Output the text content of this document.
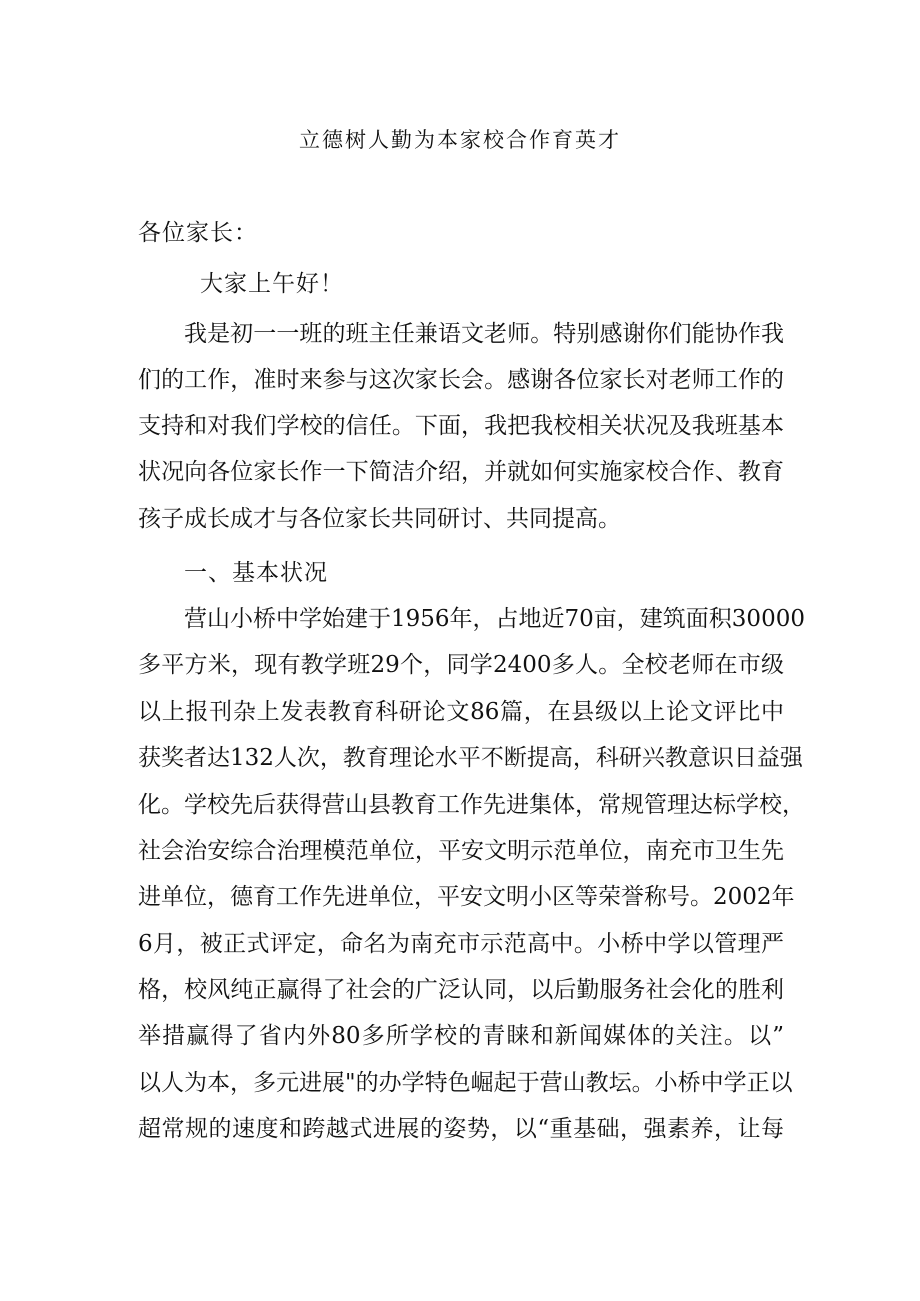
立德树人勤为本家校合作育英才
各位家长：
大家上午好！
我是初一一班的班主任兼语文老师。特别感谢你们能协作我
们的工作，准时来参与这次家长会。感谢各位家长对老师工作的
支持和对我们学校的信任。下面，我把我校相关状况及我班基本
状况向各位家长作一下简洁介绍，并就如何实施家校合作、教育
孩子成长成才与各位家长共同研讨、共同提高。
一、基本状况
营山小桥中学始建于1956年，占地近70亩，建筑面积30000
多平方米，现有教学班29个，同学2400多人。全校老师在市级
以上报刊杂上发表教育科研论文86篇，在县级以上论文评比中
获奖者达132人次，教育理论水平不断提高，科研兴教意识日益强
化。学校先后获得营山县教育工作先进集体，常规管理达标学校，
社会治安综合治理模范单位，平安文明示范单位，南充市卫生先
进单位，德育工作先进单位，平安文明小区等荣誉称号。2002年
6月，被正式评定，命名为南充市示范高中。小桥中学以管理严
格，校风纯正赢得了社会的广泛认同，以后勤服务社会化的胜利
举措赢得了省内外80多所学校的青睐和新闻媒体的关注。以”
以人为本，多元进展"的办学特色崛起于营山教坛。小桥中学正以
超常规的速度和跨越式进展的姿势，以“重基础，强素养，让每
